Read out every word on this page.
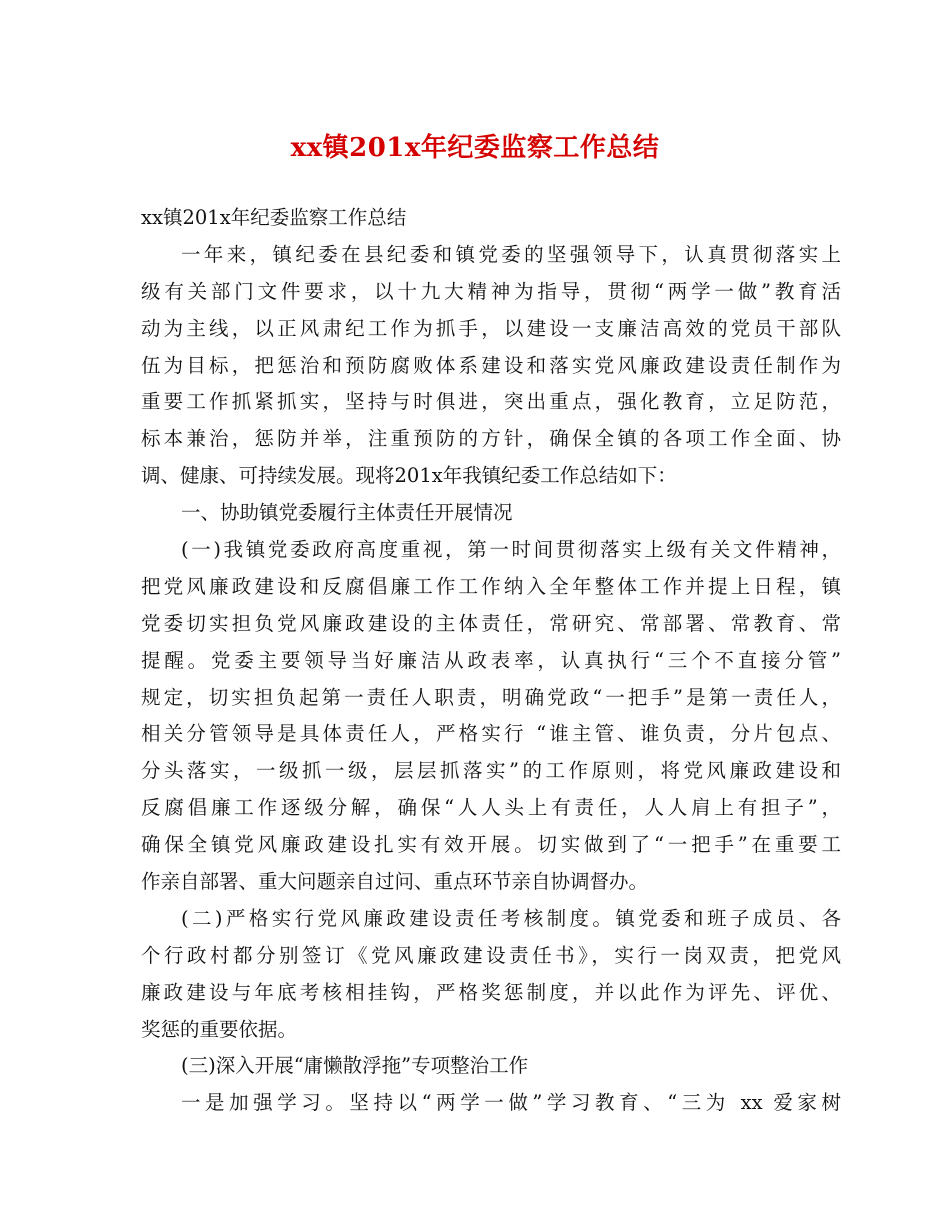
xx镇201x年纪委监察工作总结
xx镇201x年纪委监察工作总结
一年来，镇纪委在县纪委和镇党委的坚强领导下，认真贯彻落实上
级有关部门文件要求，以十九大精神为指导，贯彻“两学一做”教育活
动为主线，以正风肃纪工作为抓手，以建设一支廉洁高效的党员干部队
伍为目标，把惩治和预防腐败体系建设和落实党风廉政建设责任制作为
重要工作抓紧抓实，坚持与时俱进，突出重点，强化教育，立足防范，
标本兼治，惩防并举，注重预防的方针，确保全镇的各项工作全面、协
调、健康、可持续发展。现将201x年我镇纪委工作总结如下：
一、协助镇党委履行主体责任开展情况
(一)我镇党委政府高度重视，第一时间贯彻落实上级有关文件精神，
把党风廉政建设和反腐倡廉工作工作纳入全年整体工作并提上日程，镇
党委切实担负党风廉政建设的主体责任，常研究、常部署、常教育、常
提醒。党委主要领导当好廉洁从政表率，认真执行“三个不直接分管”
规定，切实担负起第一责任人职责，明确党政“一把手”是第一责任人，
相关分管领导是具体责任人，严格实行 “谁主管、谁负责，分片包点、
分头落实，一级抓一级，层层抓落实”的工作原则，将党风廉政建设和
反腐倡廉工作逐级分解，确保“人人头上有责任，人人肩上有担子”，
确保全镇党风廉政建设扎实有效开展。切实做到了“一把手”在重要工
作亲自部署、重大问题亲自过问、重点环节亲自协调督办。
(二)严格实行党风廉政建设责任考核制度。镇党委和班子成员、各
个行政村都分别签订《党风廉政建设责任书》，实行一岗双责，把党风
廉政建设与年底考核相挂钩，严格奖惩制度，并以此作为评先、评优、
奖惩的重要依据。
(三)深入开展“庸懒散浮拖”专项整治工作
一是加强学习。坚持以“两学一做”学习教育、“三为 xx 爱家树
